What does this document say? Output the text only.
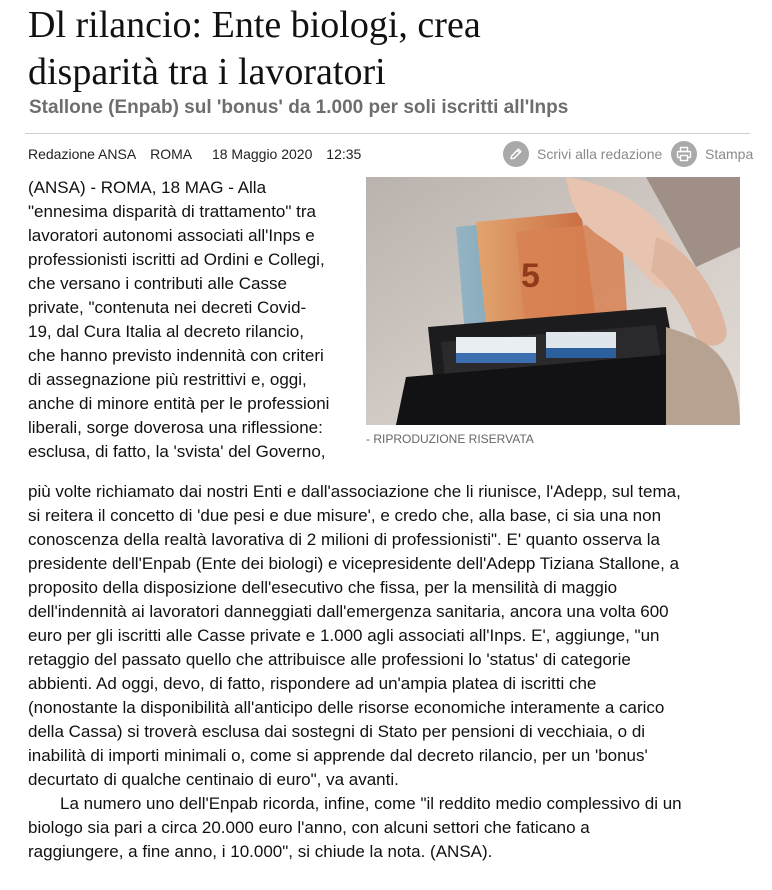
Dl rilancio: Ente biologi, crea
disparità tra i lavoratori
Stallone (Enpab) sul 'bonus' da 1.000 per soli iscritti all'Inps
Redazione ANSA ROMA 18 Maggio 2020 12:35	Scrivi alla redazione	Stampa
5
- RIPRODUZIONE RISERVATA
(ANSA) - ROMA, 18 MAG - Alla
"ennesima disparità di trattamento" tra
lavoratori autonomi associati all'Inps e
professionisti iscritti ad Ordini e Collegi,
che versano i contributi alle Casse
private, "contenuta nei decreti Covid-
19, dal Cura Italia al decreto rilancio,
che hanno previsto indennità con criteri
di assegnazione più restrittivi e, oggi,
anche di minore entità per le professioni
liberali, sorge doverosa una riflessione:
esclusa, di fatto, la 'svista' del Governo,
più volte richiamato dai nostri Enti e dall'associazione che li riunisce, l'Adepp, sul tema,
si reitera il concetto di 'due pesi e due misure', e credo che, alla base, ci sia una non
conoscenza della realtà lavorativa di 2 milioni di professionisti". E' quanto osserva la
presidente dell'Enpab (Ente dei biologi) e vicepresidente dell'Adepp Tiziana Stallone, a
proposito della disposizione dell'esecutivo che fissa, per la mensilità di maggio
dell'indennità ai lavoratori danneggiati dall'emergenza sanitaria, ancora una volta 600
euro per gli iscritti alle Casse private e 1.000 agli associati all'Inps. E', aggiunge, "un
retaggio del passato quello che attribuisce alle professioni lo 'status' di categorie
abbienti. Ad oggi, devo, di fatto, rispondere ad un'ampia platea di iscritti che
(nonostante la disponibilità all'anticipo delle risorse economiche interamente a carico
della Cassa) si troverà esclusa dai sostegni di Stato per pensioni di vecchiaia, o di
inabilità di importi minimali o, come si apprende dal decreto rilancio, per un 'bonus'
decurtato di qualche centinaio di euro", va avanti.
La numero uno dell'Enpab ricorda, infine, come "il reddito medio complessivo di un
biologo sia pari a circa 20.000 euro l'anno, con alcuni settori che faticano a
raggiungere, a fine anno, i 10.000", si chiude la nota. (ANSA).
